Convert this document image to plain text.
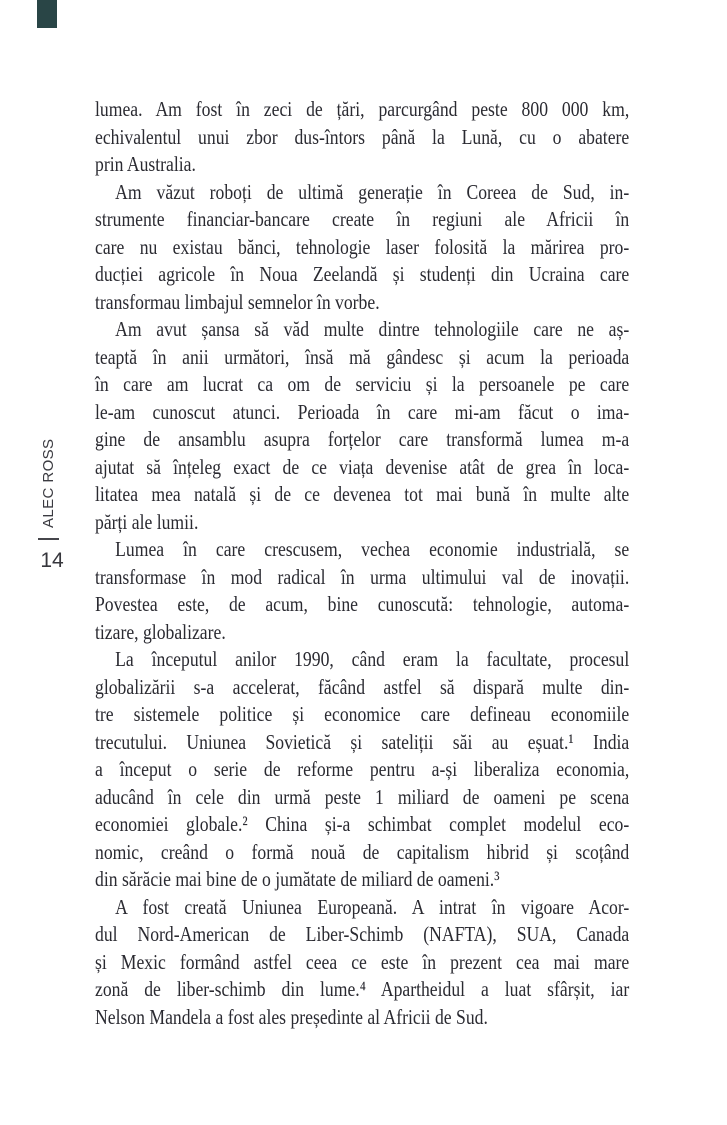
ALEC ROSS
14
lumea. Am fost în zeci de țări, parcurgând peste 800 000 km,
echivalentul unui zbor dus-întors până la Lună, cu o abatere
prin Australia.
Am văzut roboți de ultimă generație în Coreea de Sud, in-
strumente financiar-bancare create în regiuni ale Africii în
care nu existau bănci, tehnologie laser folosită la mărirea pro-
ducției agricole în Noua Zeelandă și studenți din Ucraina care
transformau limbajul semnelor în vorbe.
Am avut șansa să văd multe dintre tehnologiile care ne aș-
teaptă în anii următori, însă mă gândesc și acum la perioada
în care am lucrat ca om de serviciu și la persoanele pe care
le-am cunoscut atunci. Perioada în care mi-am făcut o ima-
gine de ansamblu asupra forțelor care transformă lumea m-a
ajutat să înțeleg exact de ce viața devenise atât de grea în loca-
litatea mea natală și de ce devenea tot mai bună în multe alte
părți ale lumii.
Lumea în care crescusem, vechea economie industrială, se
transformase în mod radical în urma ultimului val de inovații.
Povestea este, de acum, bine cunoscută: tehnologie, automa-
tizare, globalizare.
La începutul anilor 1990, când eram la facultate, procesul
globalizării s-a accelerat, făcând astfel să dispară multe din-
tre sistemele politice și economice care defineau economiile
trecutului. Uniunea Sovietică și sateliții săi au eșuat.¹ India
a început o serie de reforme pentru a-și liberaliza economia,
aducând în cele din urmă peste 1 miliard de oameni pe scena
economiei globale.² China și-a schimbat complet modelul eco-
nomic, creând o formă nouă de capitalism hibrid și scoțând
din sărăcie mai bine de o jumătate de miliard de oameni.³
A fost creată Uniunea Europeană. A intrat în vigoare Acor-
dul Nord-American de Liber-Schimb (NAFTA), SUA, Canada
și Mexic formând astfel ceea ce este în prezent cea mai mare
zonă de liber-schimb din lume.⁴ Apartheidul a luat sfârșit, iar
Nelson Mandela a fost ales președinte al Africii de Sud.
